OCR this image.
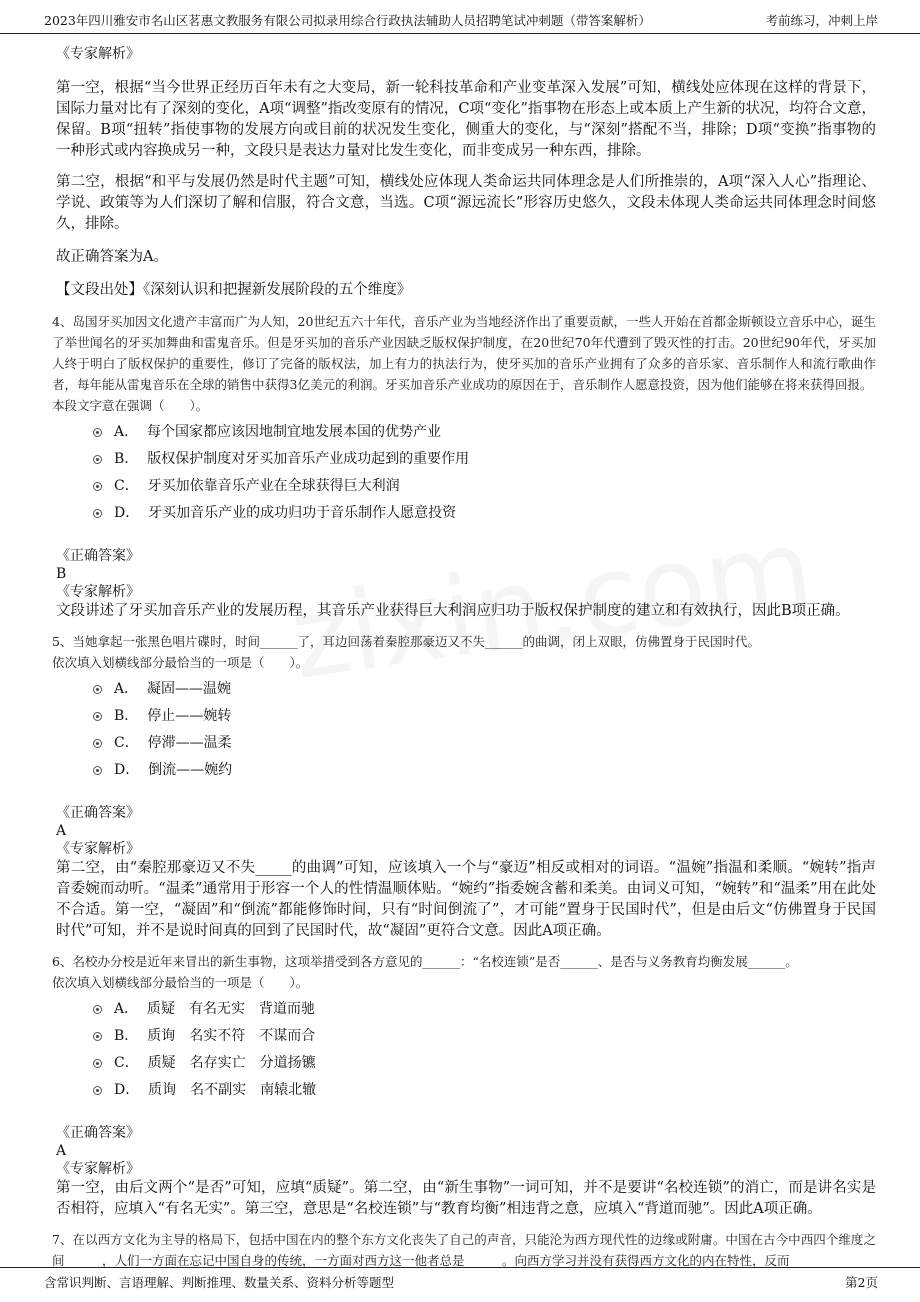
2023年四川雅安市名山区茗惠文教服务有限公司拟录用综合行政执法辅助人员招聘笔试冲刺题（带答案解析）	考前练习，冲刺上岸
《专家解析》
第一空，根据“当今世界正经历百年未有之大变局，新一轮科技革命和产业变革深入发展”可知，横线处应体现在这样的背景下，国际力量对比有了深刻的变化，A项“调整”指改变原有的情况，C项“变化”指事物在形态上或本质上产生新的状况，均符合文意，保留。B项“扭转”指使事物的发展方向或目前的状况发生变化，侧重大的变化，与“深刻”搭配不当，排除；D项“变换”指事物的一种形式或内容换成另一种，文段只是表达力量对比发生变化，而非变成另一种东西，排除。
第二空，根据“和平与发展仍然是时代主题”可知，横线处应体现人类命运共同体理念是人们所推崇的，A项“深入人心”指理论、学说、政策等为人们深切了解和信服，符合文意，当选。C项“源远流长”形容历史悠久，文段未体现人类命运共同体理念时间悠久，排除。
故正确答案为A。
【文段出处】《深刻认识和把握新发展阶段的五个维度》
4、岛国牙买加因文化遗产丰富而广为人知，20世纪五六十年代，音乐产业为当地经济作出了重要贡献，一些人开始在首都金斯顿设立音乐中心，诞生了举世闻名的牙买加舞曲和雷鬼音乐。但是牙买加的音乐产业因缺乏版权保护制度，在20世纪70年代遭到了毁灭性的打击。20世纪90年代，牙买加人终于明白了版权保护的重要性，修订了完备的版权法，加上有力的执法行为，使牙买加的音乐产业拥有了众多的音乐家、音乐制作人和流行歌曲作者，每年能从雷鬼音乐在全球的销售中获得3亿美元的利润。牙买加音乐产业成功的原因在于，音乐制作人愿意投资，因为他们能够在将来获得回报。
本段文字意在强调（　　）。
A．  每个国家都应该因地制宜地发展本国的优势产业
B．  版权保护制度对牙买加音乐产业成功起到的重要作用
C．  牙买加依靠音乐产业在全球获得巨大利润
D．  牙买加音乐产业的成功归功于音乐制作人愿意投资
《正确答案》
B
《专家解析》
文段讲述了牙买加音乐产业的发展历程，其音乐产业获得巨大利润应归功于版权保护制度的建立和有效执行，因此B项正确。
5、当她拿起一张黑色唱片碟时，时间______了，耳边回荡着秦腔那豪迈又不失______的曲调，闭上双眼，仿佛置身于民国时代。
依次填入划横线部分最恰当的一项是（　　）。
A．  凝固——温婉
B．  停止——婉转
C．  停滞——温柔
D．  倒流——婉约
《正确答案》
A
《专家解析》
第二空，由“秦腔那豪迈又不失_____的曲调”可知，应该填入一个与“豪迈”相反或相对的词语。“温婉”指温和柔顺。“婉转”指声音委婉而动听。“温柔”通常用于形容一个人的性情温顺体贴。“婉约”指委婉含蓄和柔美。由词义可知，“婉转”和“温柔”用在此处不合适。第一空，“凝固”和“倒流”都能修饰时间，只有“时间倒流了”，才可能“置身于民国时代”，但是由后文“仿佛置身于民国时代”可知，并不是说时间真的回到了民国时代，故“凝固”更符合文意。因此A项正确。
6、名校办分校是近年来冒出的新生事物，这项举措受到各方意见的______：“名校连锁”是否______、是否与义务教育均衡发展______。
依次填入划横线部分最恰当的一项是（　　）。
A．  质疑　有名无实　背道而驰
B．  质询　名实不符　不谋而合
C．  质疑　名存实亡　分道扬镳
D．  质询　名不副实　南辕北辙
《正确答案》
A
《专家解析》
第一空，由后文两个“是否”可知，应填“质疑”。第二空，由“新生事物”一词可知，并不是要讲“名校连锁”的消亡，而是讲名实是否相符，应填入“有名无实”。第三空，意思是“名校连锁”与“教育均衡”相违背之意，应填入“背道而驰”。因此A项正确。
7、在以西方文化为主导的格局下，包括中国在内的整个东方文化丧失了自己的声音，只能沦为西方现代性的边缘或附庸。中国在古今中西四个维度之间______，人们一方面在忘记中国自身的传统，一方面对西方这一他者总是______。向西方学习并没有获得西方文化的内在特性，反而
含常识判断、言语理解、判断推理、数量关系、资料分析等题型	第2页
